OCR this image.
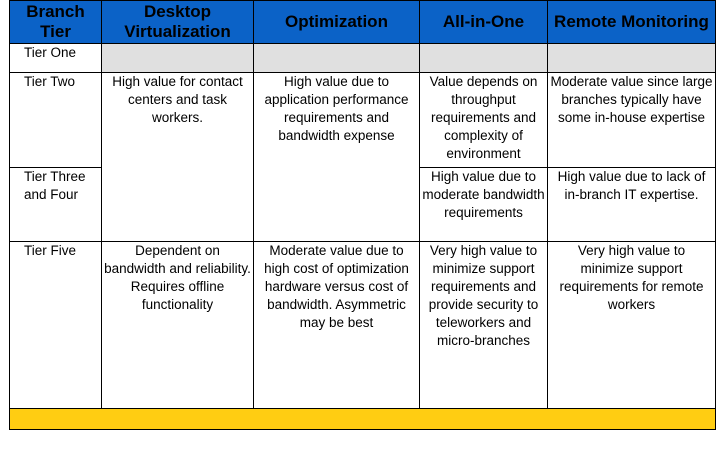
Branch Tier	Desktop Virtualization	Optimization	All-in-One	Remote Monitoring
Tier One				
Tier Two	High value for contact centers and task workers.	High value due to application performance requirements and bandwidth expense	Value depends on throughput requirements and complexity of environment	Moderate value since large branches typically have some in-house expertise
Tier Three and Four			High value due to moderate bandwidth requirements	High value due to lack of in-branch IT expertise.
Tier Five	Dependent on bandwidth and reliability. Requires offline functionality	Moderate value due to high cost of optimization hardware versus cost of bandwidth. Asymmetric may be best	Very high value to minimize support requirements and provide security to teleworkers and micro-branches	Very high value to minimize support requirements for remote workers
